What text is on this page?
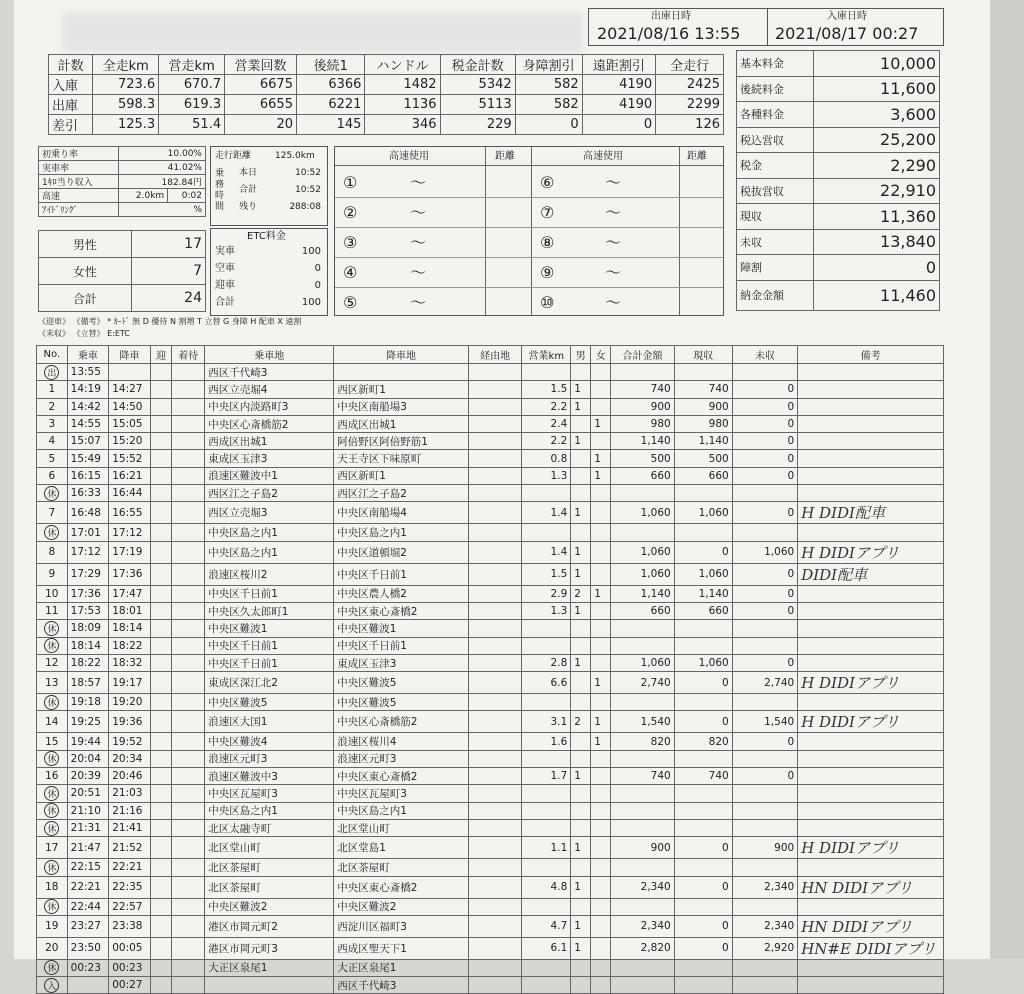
出庫日時	入庫日時
2021/08/16 13:55 2021/08/17 00:27
計数	全走km	営走km	営業回数	後続1	ハンドル	税金計数	身障割引	遠距割引	全走行
入庫	723.6	670.7	6675	6366	1482	5342	582	4190	2425
出庫	598.3	619.3	6655	6221	1136	5113	582	4190	2299
差引	125.3	51.4	20	145	346	229	0	0	126
基本料金	10,000
後続料金	11,600
各種料金	3,600
税込営収	25,200
税金	2,290
税抜営収	22,910
現収	11,360
未収	13,840
障割	0
納金金額	11,460
初乗り率	10.00%	
実車率	41.02%	
1ｷﾛ当り収入	182.84円	
高速	2.0km	0:02
ｱｲﾄﾞﾘﾝｸﾞ	%	
走行距離	125.0km
乗務時間
本日	10:52
合計	10:52
残り	288:08
男性	17
女性	7
合計	24
ETC料金
実車	100
空車	0
迎車	0
合計	100
高速使用	距離	高速使用	距離
①	～	⑥	～
②	～	⑦	～
③	～	⑧	～
④	～	⑨	～
⑤	～	⑩	～
《迎車》 《備考》 * ｶｰﾄﾞ 無 D 優待 N 割増 T 立替 G 身障 H 配車 X 遠割
《未収》 《立替》 E:ETC
No.	乗車	降車	迎	着待	乗車地	降車地	経由地	営業km	男	女	合計金額	現収	未収	備考
出	13:55				西区千代崎3									
1	14:19	14:27			西区立売堀4	西区新町1		1.5	1		740	740	0	
2	14:42	14:50			中央区内淡路町3	中央区南船場3		2.2	1		900	900	0	
3	14:55	15:05			中央区心斎橋筋2	西成区出城1		2.4		1	980	980	0	
4	15:07	15:20			西成区出城1	阿倍野区阿倍野筋1		2.2	1		1,140	1,140	0	
5	15:49	15:52			東成区玉津3	天王寺区下味原町		0.8		1	500	500	0	
6	16:15	16:21			浪速区難波中1	西区新町1		1.3		1	660	660	0	
休	16:33	16:44			西区江之子島2	西区江之子島2								
7	16:48	16:55			西区立売堀3	中央区南船場4		1.4	1		1,060	1,060	0	H DIDI配車
休	17:01	17:12			中央区島之内1	中央区島之内1								
8	17:12	17:19			中央区島之内1	中央区道頓堀2		1.4	1		1,060	0	1,060	H DIDIアプリ
9	17:29	17:36			浪速区桜川2	中央区千日前1		1.5	1		1,060	1,060	0	DIDI配車
10	17:36	17:47			中央区千日前1	中央区農人橋2		2.9	2	1	1,140	1,140	0	
11	17:53	18:01			中央区久太郎町1	中央区東心斎橋2		1.3	1		660	660	0	
休	18:09	18:14			中央区難波1	中央区難波1								
休	18:14	18:22			中央区千日前1	中央区千日前1								
12	18:22	18:32			中央区千日前1	東成区玉津3		2.8	1		1,060	1,060	0	
13	18:57	19:17			東成区深江北2	中央区難波5		6.6		1	2,740	0	2,740	H DIDIアプリ
休	19:18	19:20			中央区難波5	中央区難波5								
14	19:25	19:36			浪速区大国1	中央区心斎橋筋2		3.1	2	1	1,540	0	1,540	H DIDIアプリ
15	19:44	19:52			中央区難波4	浪速区桜川4		1.6		1	820	820	0	
休	20:04	20:34			浪速区元町3	浪速区元町3								
16	20:39	20:46			浪速区難波中3	中央区東心斎橋2		1.7	1		740	740	0	
休	20:51	21:03			中央区瓦屋町3	中央区瓦屋町3								
休	21:10	21:16			中央区島之内1	中央区島之内1								
休	21:31	21:41			北区太融寺町	北区堂山町								
17	21:47	21:52			北区堂山町	北区堂島1		1.1	1		900	0	900	H DIDIアプリ
休	22:15	22:21			北区茶屋町	北区茶屋町								
18	22:21	22:35			北区茶屋町	中央区東心斎橋2		4.8	1		2,340	0	2,340	HN DIDIアプリ
休	22:44	22:57			中央区難波2	中央区難波2								
19	23:27	23:38			港区市岡元町2	西淀川区福町3		4.7	1		2,340	0	2,340	HN DIDIアプリ
20	23:50	00:05			港区市岡元町3	西成区聖天下1		6.1	1		2,820	0	2,920	HN#E DIDIアプリ
休	00:23	00:23			大正区泉尾1	大正区泉尾1								
入		00:27				西区千代崎3								
